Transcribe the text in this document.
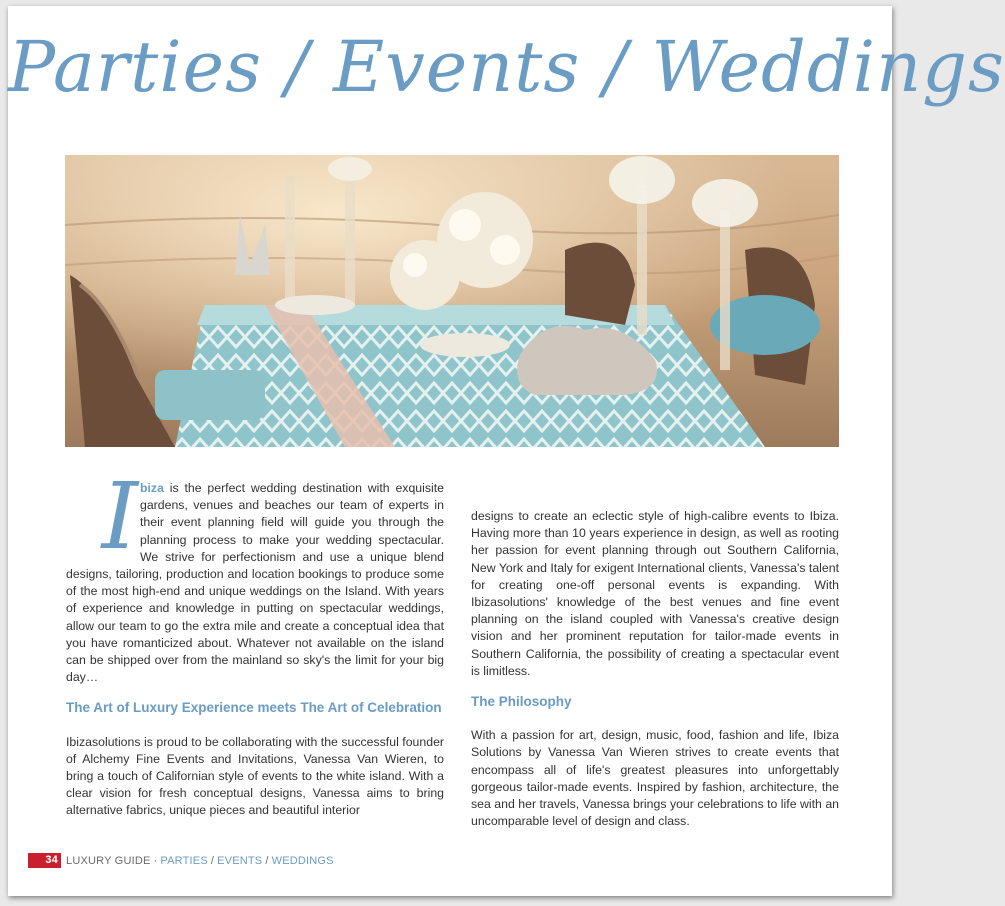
Parties / Events / Weddings

Ibiza is the perfect wedding destination with exquisite gardens, venues and beaches our team of experts in their event planning field will guide you through the planning process to make your wedding spectacular. We strive for perfectionism and use a unique blend designs, tailoring, production and location bookings to produce some of the most high-end and unique weddings on the Island. With years of experience and knowledge in putting on spectacular weddings, allow our team to go the extra mile and create a conceptual idea that you have romanticized about. Whatever not available on the island can be shipped over from the mainland so sky's the limit for your big day…

The Art of Luxury Experience meets The Art of Celebration

Ibizasolutions is proud to be collaborating with the successful founder of Alchemy Fine Events and Invitations, Vanessa Van Wieren, to bring a touch of Californian style of events to the white island. With a clear vision for fresh conceptual designs, Vanessa aims to bring alternative fabrics, unique pieces and beautiful interior

designs to create an eclectic style of high-calibre events to Ibiza. Having more than 10 years experience in design, as well as rooting her passion for event planning through out Southern California, New York and Italy for exigent International clients, Vanessa's talent for creating one-off personal events is expanding. With Ibizasolutions' knowledge of the best venues and fine event planning on the island coupled with Vanessa's creative design vision and her prominent reputation for tailor-made events in Southern California, the possibility of creating a spectacular event is limitless.

The Philosophy

With a passion for art, design, music, food, fashion and life, Ibiza Solutions by Vanessa Van Wieren strives to create events that encompass all of life's greatest pleasures into unforgettably gorgeous tailor-made events. Inspired by fashion, architecture, the sea and her travels, Vanessa brings your celebrations to life with an uncomparable level of design and class.

34 LUXURY GUIDE · PARTIES / EVENTS / WEDDINGS
